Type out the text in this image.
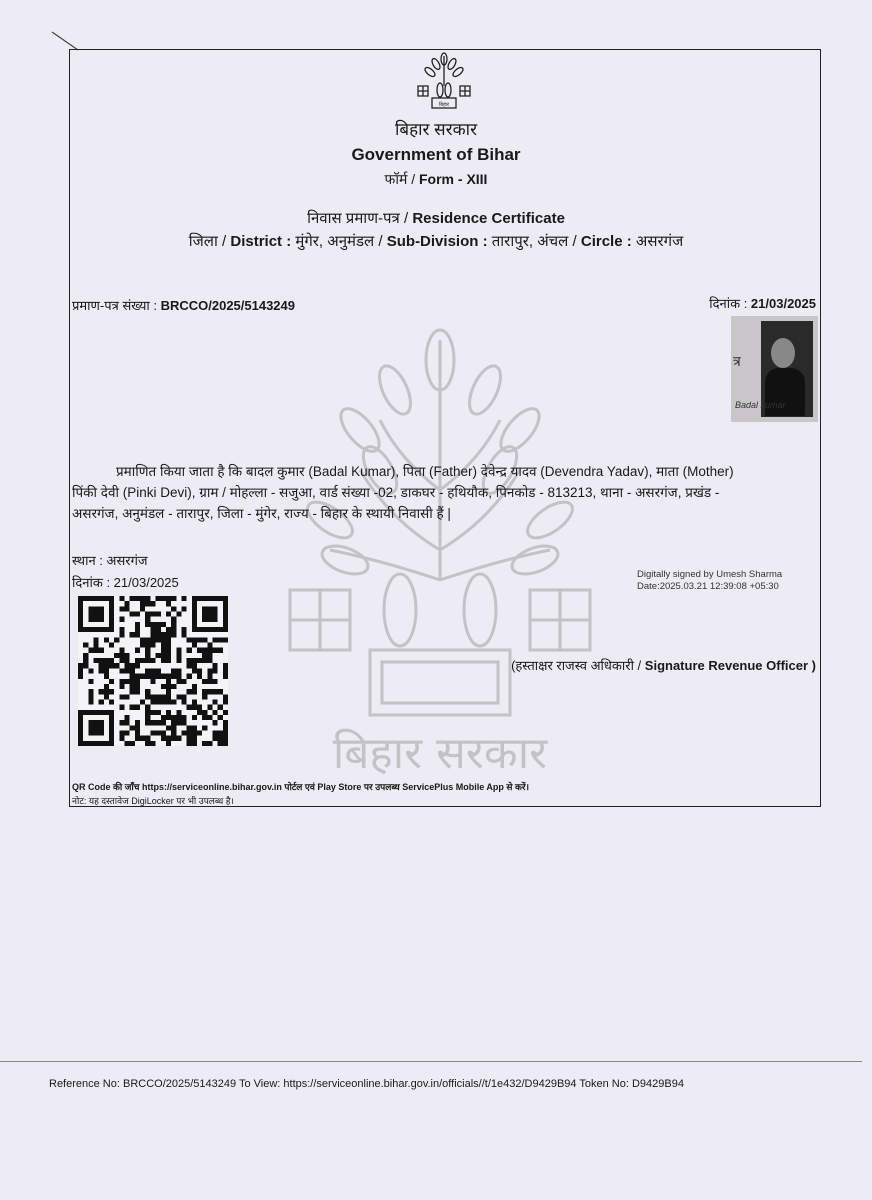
बिहार सरकार
बिहार
बिहार सरकार
Government of Bihar
फॉर्म / Form - XIII
निवास प्रमाण-पत्र / Residence Certificate
जिला / District : मुंगेर, अनुमंडल / Sub-Division : तारापुर, अंचल / Circle : असरगंज
प्रमाण-पत्र संख्या : BRCCO/2025/5143249	दिनांक : 21/03/2025
त्र
Badal kumar
प्रमाणित किया जाता है कि बादल कुमार (Badal Kumar), पिता (Father) देवेन्द्र यादव (Devendra Yadav), माता (Mother)
पिंकी देवी (Pinki Devi), ग्राम / मोहल्ला - सजुआ, वार्ड संख्या -02, डाकघर - हथियौक, पिनकोड - 813213, थाना - असरगंज, प्रखंड -
असरगंज, अनुमंडल - तारापुर, जिला - मुंगेर, राज्य - बिहार के स्थायी निवासी हैं |
स्थान : असरगंज
दिनांक : 21/03/2025
Digitally signed by Umesh Sharma
Date:2025.03.21 12:39:08 +05:30
(हस्ताक्षर राजस्व अधिकारी / Signature Revenue Officer )
QR Code की जाँच https://serviceonline.bihar.gov.in पोर्टल एवं Play Store पर उपलब्ध ServicePlus Mobile App से करें।
नोट: यह दस्तावेज DigiLocker पर भी उपलब्ध है।
Reference No: BRCCO/2025/5143249 To View: https://serviceonline.bihar.gov.in/officials//t/1e432/D9429B94 Token No: D9429B94
